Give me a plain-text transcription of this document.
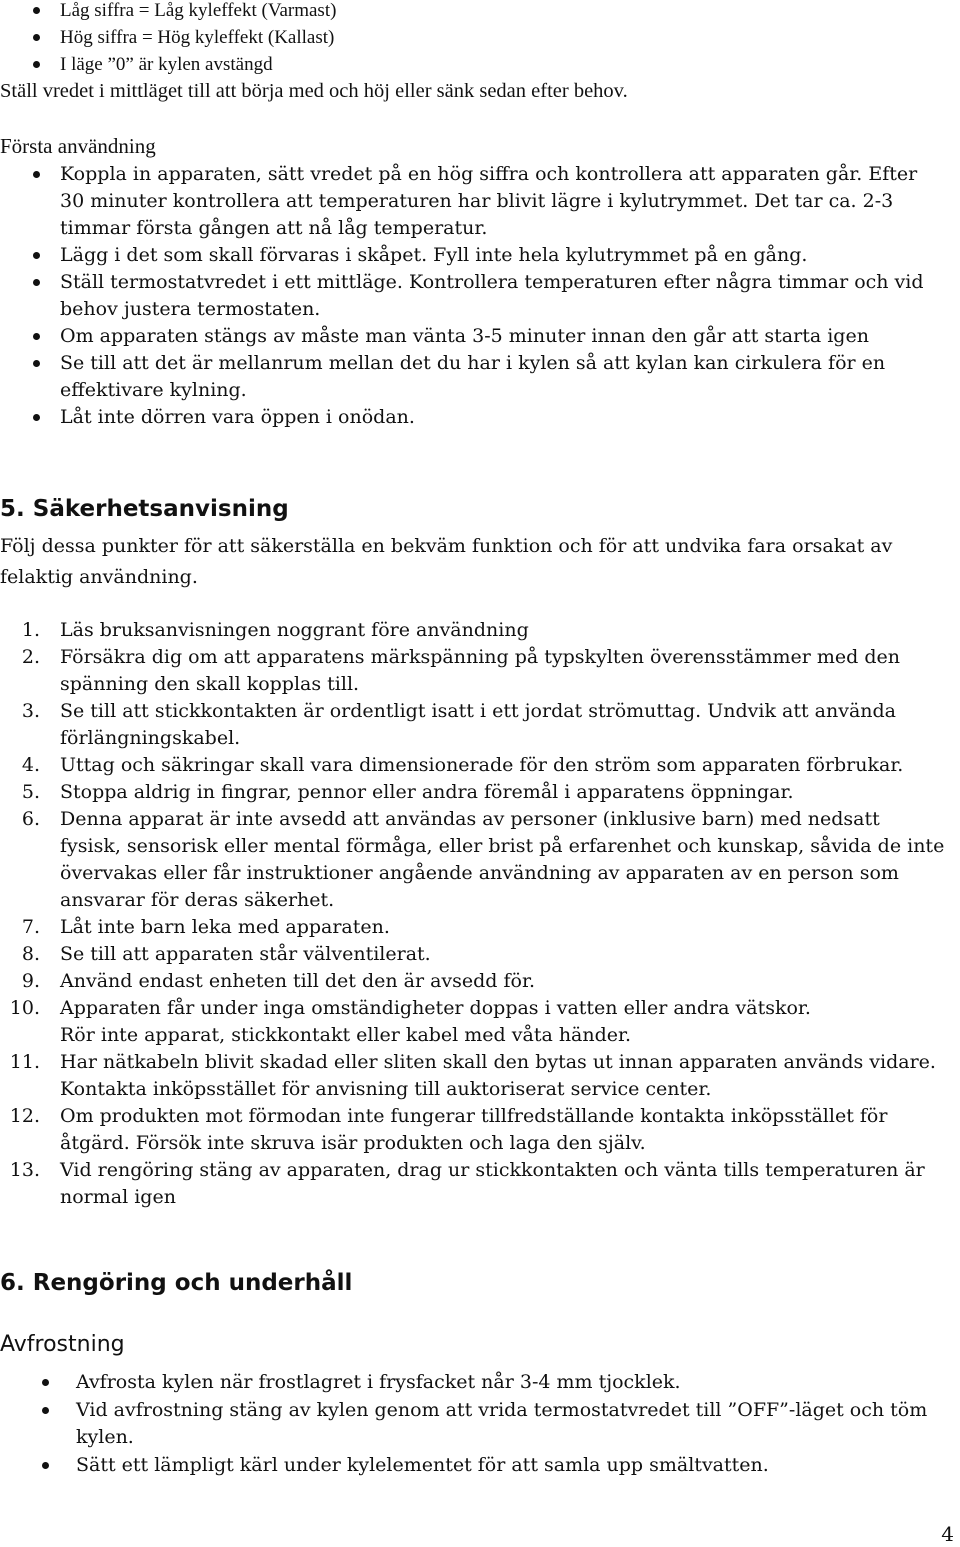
Låg siffra = Låg kyleffekt (Varmast)
Hög siffra = Hög kyleffekt (Kallast)
I läge ”0” är kylen avstängd
Ställ vredet i mittläget till att börja med och höj eller sänk sedan efter behov.
Första användning
Koppla in apparaten, sätt vredet på en hög siffra och kontrollera att apparaten går. Efter
30 minuter kontrollera att temperaturen har blivit lägre i kylutrymmet. Det tar ca. 2-3
timmar första gången att nå låg temperatur.
Lägg i det som skall förvaras i skåpet. Fyll inte hela kylutrymmet på en gång.
Ställ termostatvredet i ett mittläge. Kontrollera temperaturen efter några timmar och vid
behov justera termostaten.
Om apparaten stängs av måste man vänta 3-5 minuter innan den går att starta igen
Se till att det är mellanrum mellan det du har i kylen så att kylan kan cirkulera för en
effektivare kylning.
Låt inte dörren vara öppen i onödan.
5. Säkerhetsanvisning
Följ dessa punkter för att säkerställa en bekväm funktion och för att undvika fara orsakat av
felaktig användning.
1. Läs bruksanvisningen noggrant före användning
2. Försäkra dig om att apparatens märkspänning på typskylten överensstämmer med den
spänning den skall kopplas till.
3. Se till att stickkontakten är ordentligt isatt i ett jordat strömuttag. Undvik att använda
förlängningskabel.
4. Uttag och säkringar skall vara dimensionerade för den ström som apparaten förbrukar.
5. Stoppa aldrig in fingrar, pennor eller andra föremål i apparatens öppningar.
6. Denna apparat är inte avsedd att användas av personer (inklusive barn) med nedsatt
fysisk, sensorisk eller mental förmåga, eller brist på erfarenhet och kunskap, såvida de inte
övervakas eller får instruktioner angående användning av apparaten av en person som
ansvarar för deras säkerhet.
7. Låt inte barn leka med apparaten.
8. Se till att apparaten står välventilerat.
9. Använd endast enheten till det den är avsedd för.
10. Apparaten får under inga omständigheter doppas i vatten eller andra vätskor.
Rör inte apparat, stickkontakt eller kabel med våta händer.
11. Har nätkabeln blivit skadad eller sliten skall den bytas ut innan apparaten används vidare.
Kontakta inköpsstället för anvisning till auktoriserat service center.
12. Om produkten mot förmodan inte fungerar tillfredställande kontakta inköpsstället för
åtgärd. Försök inte skruva isär produkten och laga den själv.
13. Vid rengöring stäng av apparaten, drag ur stickkontakten och vänta tills temperaturen är
normal igen
6. Rengöring och underhåll
Avfrostning
Avfrosta kylen när frostlagret i frysfacket når 3-4 mm tjocklek.
Vid avfrostning stäng av kylen genom att vrida termostatvredet till ”OFF”-läget och töm
kylen.
Sätt ett lämpligt kärl under kylelementet för att samla upp smältvatten.
4
